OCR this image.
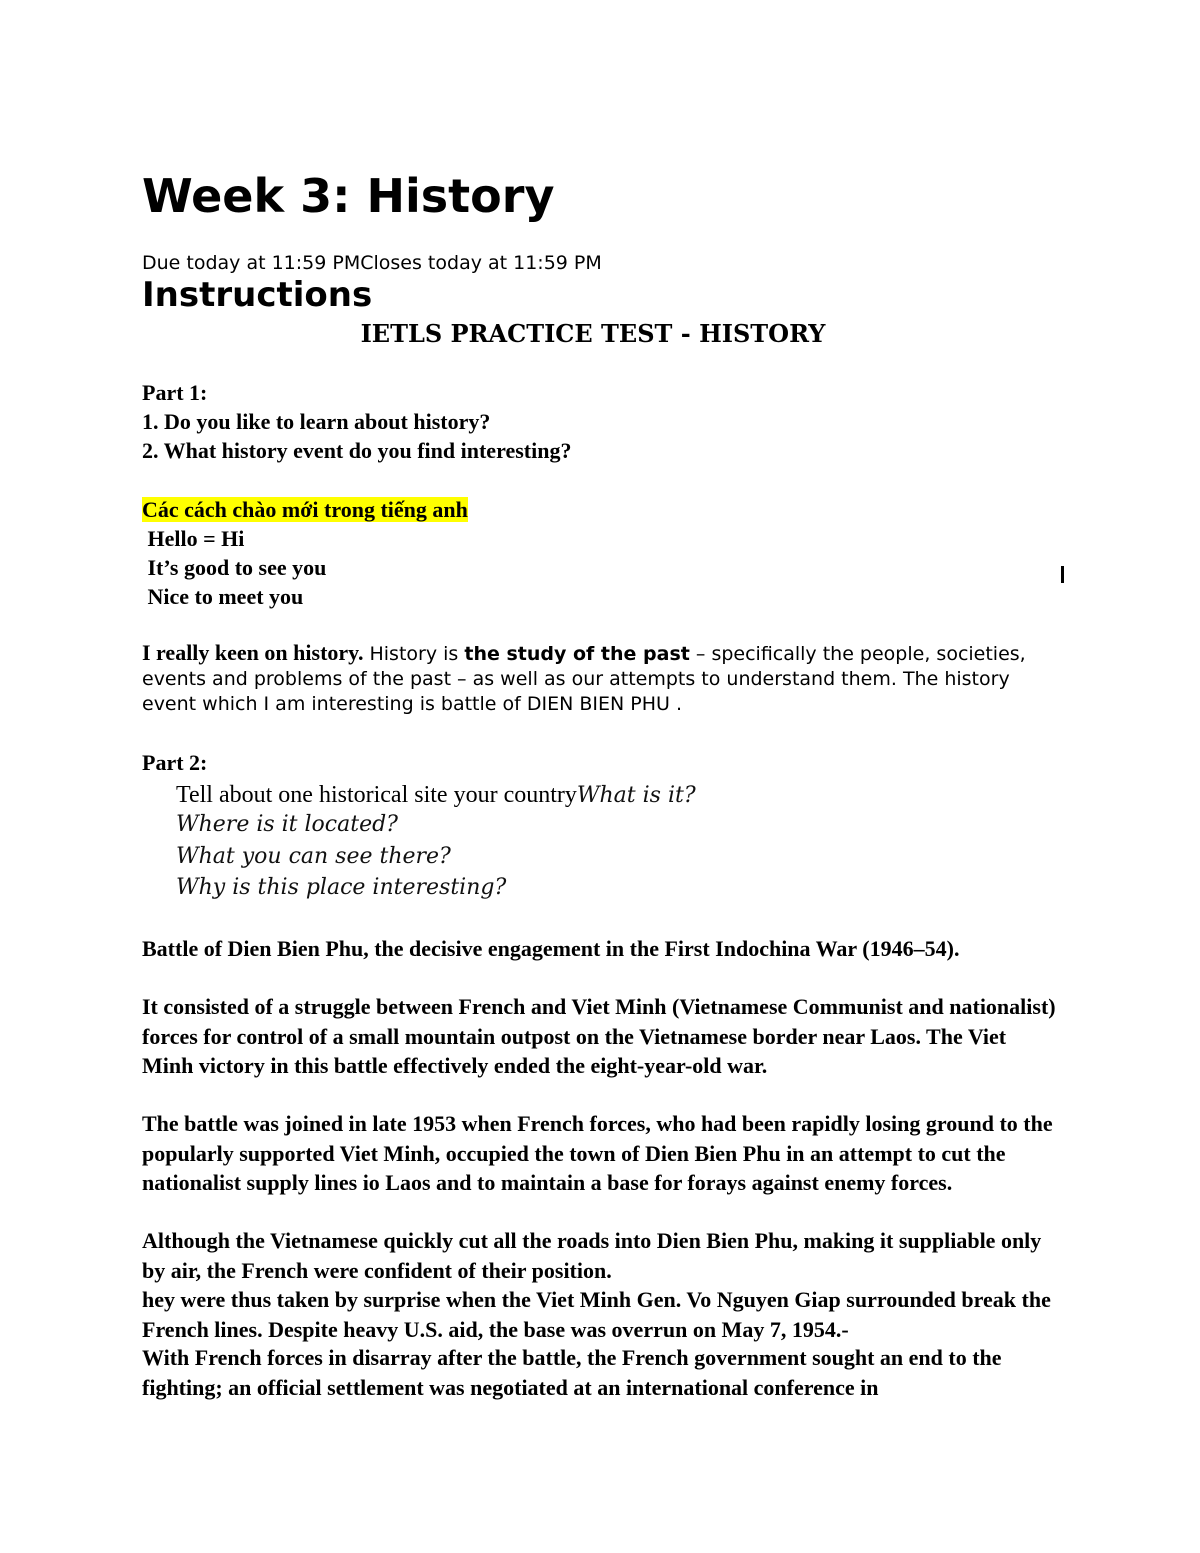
Week 3: History
Due today at 11:59 PMCloses today at 11:59 PM
Instructions
IETLS PRACTICE TEST - HISTORY
Part 1:
1. Do you like to learn about history?
2. What history event do you find interesting?
Các cách chào mới trong tiếng anh
Hello = Hi
It’s good to see you
Nice to meet you
I really keen on history. History is the study of the past – specifically the people, societies, events and problems of the past – as well as our attempts to understand them. The history event which I am interesting is battle of DIEN BIEN PHU .
Part 2:
Tell about one historical site your countryWhat is it?
Where is it located?
What you can see there?
Why is this place interesting?
Battle of Dien Bien Phu, the decisive engagement in the First Indochina War (1946–54).
It consisted of a struggle between French and Viet Minh (Vietnamese Communist and nationalist) forces for control of a small mountain outpost on the Vietnamese border near Laos. The Viet Minh victory in this battle effectively ended the eight-year-old war.
The battle was joined in late 1953 when French forces, who had been rapidly losing ground to the popularly supported Viet Minh, occupied the town of Dien Bien Phu in an attempt to cut the nationalist supply lines io Laos and to maintain a base for forays against enemy forces.
Although the Vietnamese quickly cut all the roads into Dien Bien Phu, making it suppliable only by air, the French were confident of their position.
hey were thus taken by surprise when the Viet Minh Gen. Vo Nguyen Giap surrounded break the French lines. Despite heavy U.S. aid, the base was overrun on May 7, 1954.-
With French forces in disarray after the battle, the French government sought an end to the fighting; an official settlement was negotiated at an international conference in
